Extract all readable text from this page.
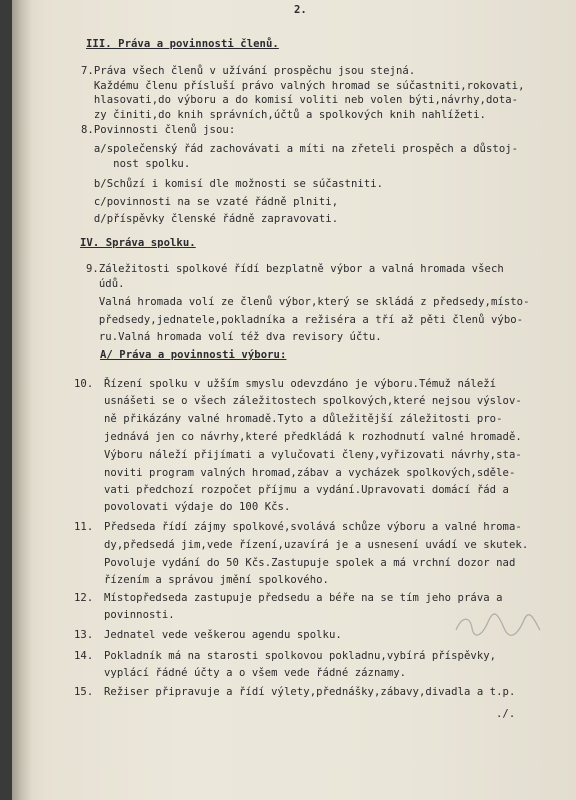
2.
III. Práva a povinnosti členů.
7.Práva všech členů v užívání prospěchu jsou stejná.
Každému členu přísluší právo valných hromad se súčastniti,rokovati,
hlasovati,do výboru a do komisí voliti neb volen býti,návrhy,dota-
zy činiti,do knih správních,účtů a spolkových knih nahlížeti.
8.Povinnosti členů jsou:
a/společenský řád zachovávati a míti na zřeteli prospěch a důstoj-
nost spolku.
b/Schůzí i komisí dle možnosti se súčastniti.
c/povinnosti na se vzaté řádně plniti,
d/příspěvky členské řádně zapravovati.
IV. Správa spolku.
9.Záležitosti spolkové řídí bezplatně výbor a valná hromada všech
údů.
Valná hromada volí ze členů výbor,který se skládá z předsedy,místo-
předsedy,jednatele,pokladníka a režiséra a tří až pěti členů výbo-
ru.Valná hromada volí též dva revisory účtu.
A/ Práva a povinnosti výboru:
10. Řízení spolku v užším smyslu odevzdáno je výboru.Témuž náleží
usnášeti se o všech záležitostech spolkových,které nejsou výslov-
ně přikázány valné hromadě.Tyto a důležitější záležitosti pro-
jednává jen co návrhy,které předkládá k rozhodnutí valné hromadě.
Výboru náleží přijímati a vylučovati členy,vyřizovati návrhy,sta-
noviti program valných hromad,zábav a vycházek spolkových,sděle-
vati předchozí rozpočet příjmu a vydání.Upravovati domácí řád a
povolovati výdaje do 100 Kčs.
11. Předseda řídí zájmy spolkové,svolává schůze výboru a valné hroma-
dy,předsedá jim,vede řízení,uzavírá je a usnesení uvádí ve skutek.
Povoluje vydání do 50 Kčs.Zastupuje spolek a má vrchní dozor nad
řízením a správou jmění spolkového.
12. Místopředseda zastupuje předsedu a béře na se tím jeho práva a
povinnosti.
13. Jednatel vede veškerou agendu spolku.
14. Pokladník má na starosti spolkovou pokladnu,vybírá příspěvky,
vyplácí řádné účty a o všem vede řádné záznamy.
15. Režiser připravuje a řídí výlety,přednášky,zábavy,divadla a t.p.
./.
